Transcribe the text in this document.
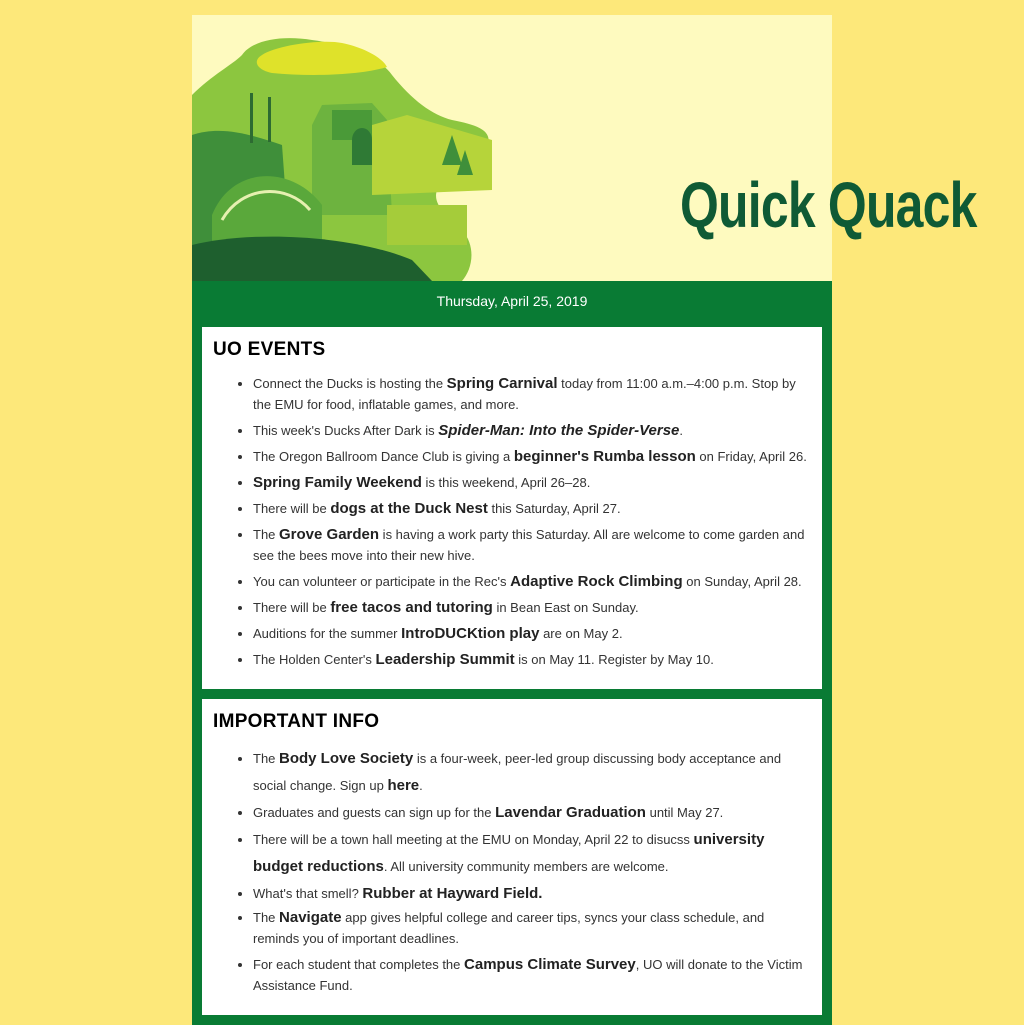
Quick Quack
Thursday, April 25, 2019
UO EVENTS
• Connect the Ducks is hosting the Spring Carnival today from 11:00 a.m.–4:00 p.m. Stop by the EMU for food, inflatable games, and more.
• This week's Ducks After Dark is Spider-Man: Into the Spider-Verse.
• The Oregon Ballroom Dance Club is giving a beginner's Rumba lesson on Friday, April 26.
• Spring Family Weekend is this weekend, April 26–28.
• There will be dogs at the Duck Nest this Saturday, April 27.
• The Grove Garden is having a work party this Saturday. All are welcome to come garden and see the bees move into their new hive.
• You can volunteer or participate in the Rec's Adaptive Rock Climbing on Sunday, April 28.
• There will be free tacos and tutoring in Bean East on Sunday.
• Auditions for the summer IntroDUCKtion play are on May 2.
• The Holden Center's Leadership Summit is on May 11. Register by May 10.
IMPORTANT INFO
• The Body Love Society is a four-week, peer-led group discussing body acceptance and social change. Sign up here.
• Graduates and guests can sign up for the Lavendar Graduation until May 27.
• There will be a town hall meeting at the EMU on Monday, April 22 to disucss university budget reductions. All university community members are welcome.
• What's that smell? Rubber at Hayward Field.
• The Navigate app gives helpful college and career tips, syncs your class schedule, and reminds you of important deadlines.
• For each student that completes the Campus Climate Survey, UO will donate to the Victim Assistance Fund.
